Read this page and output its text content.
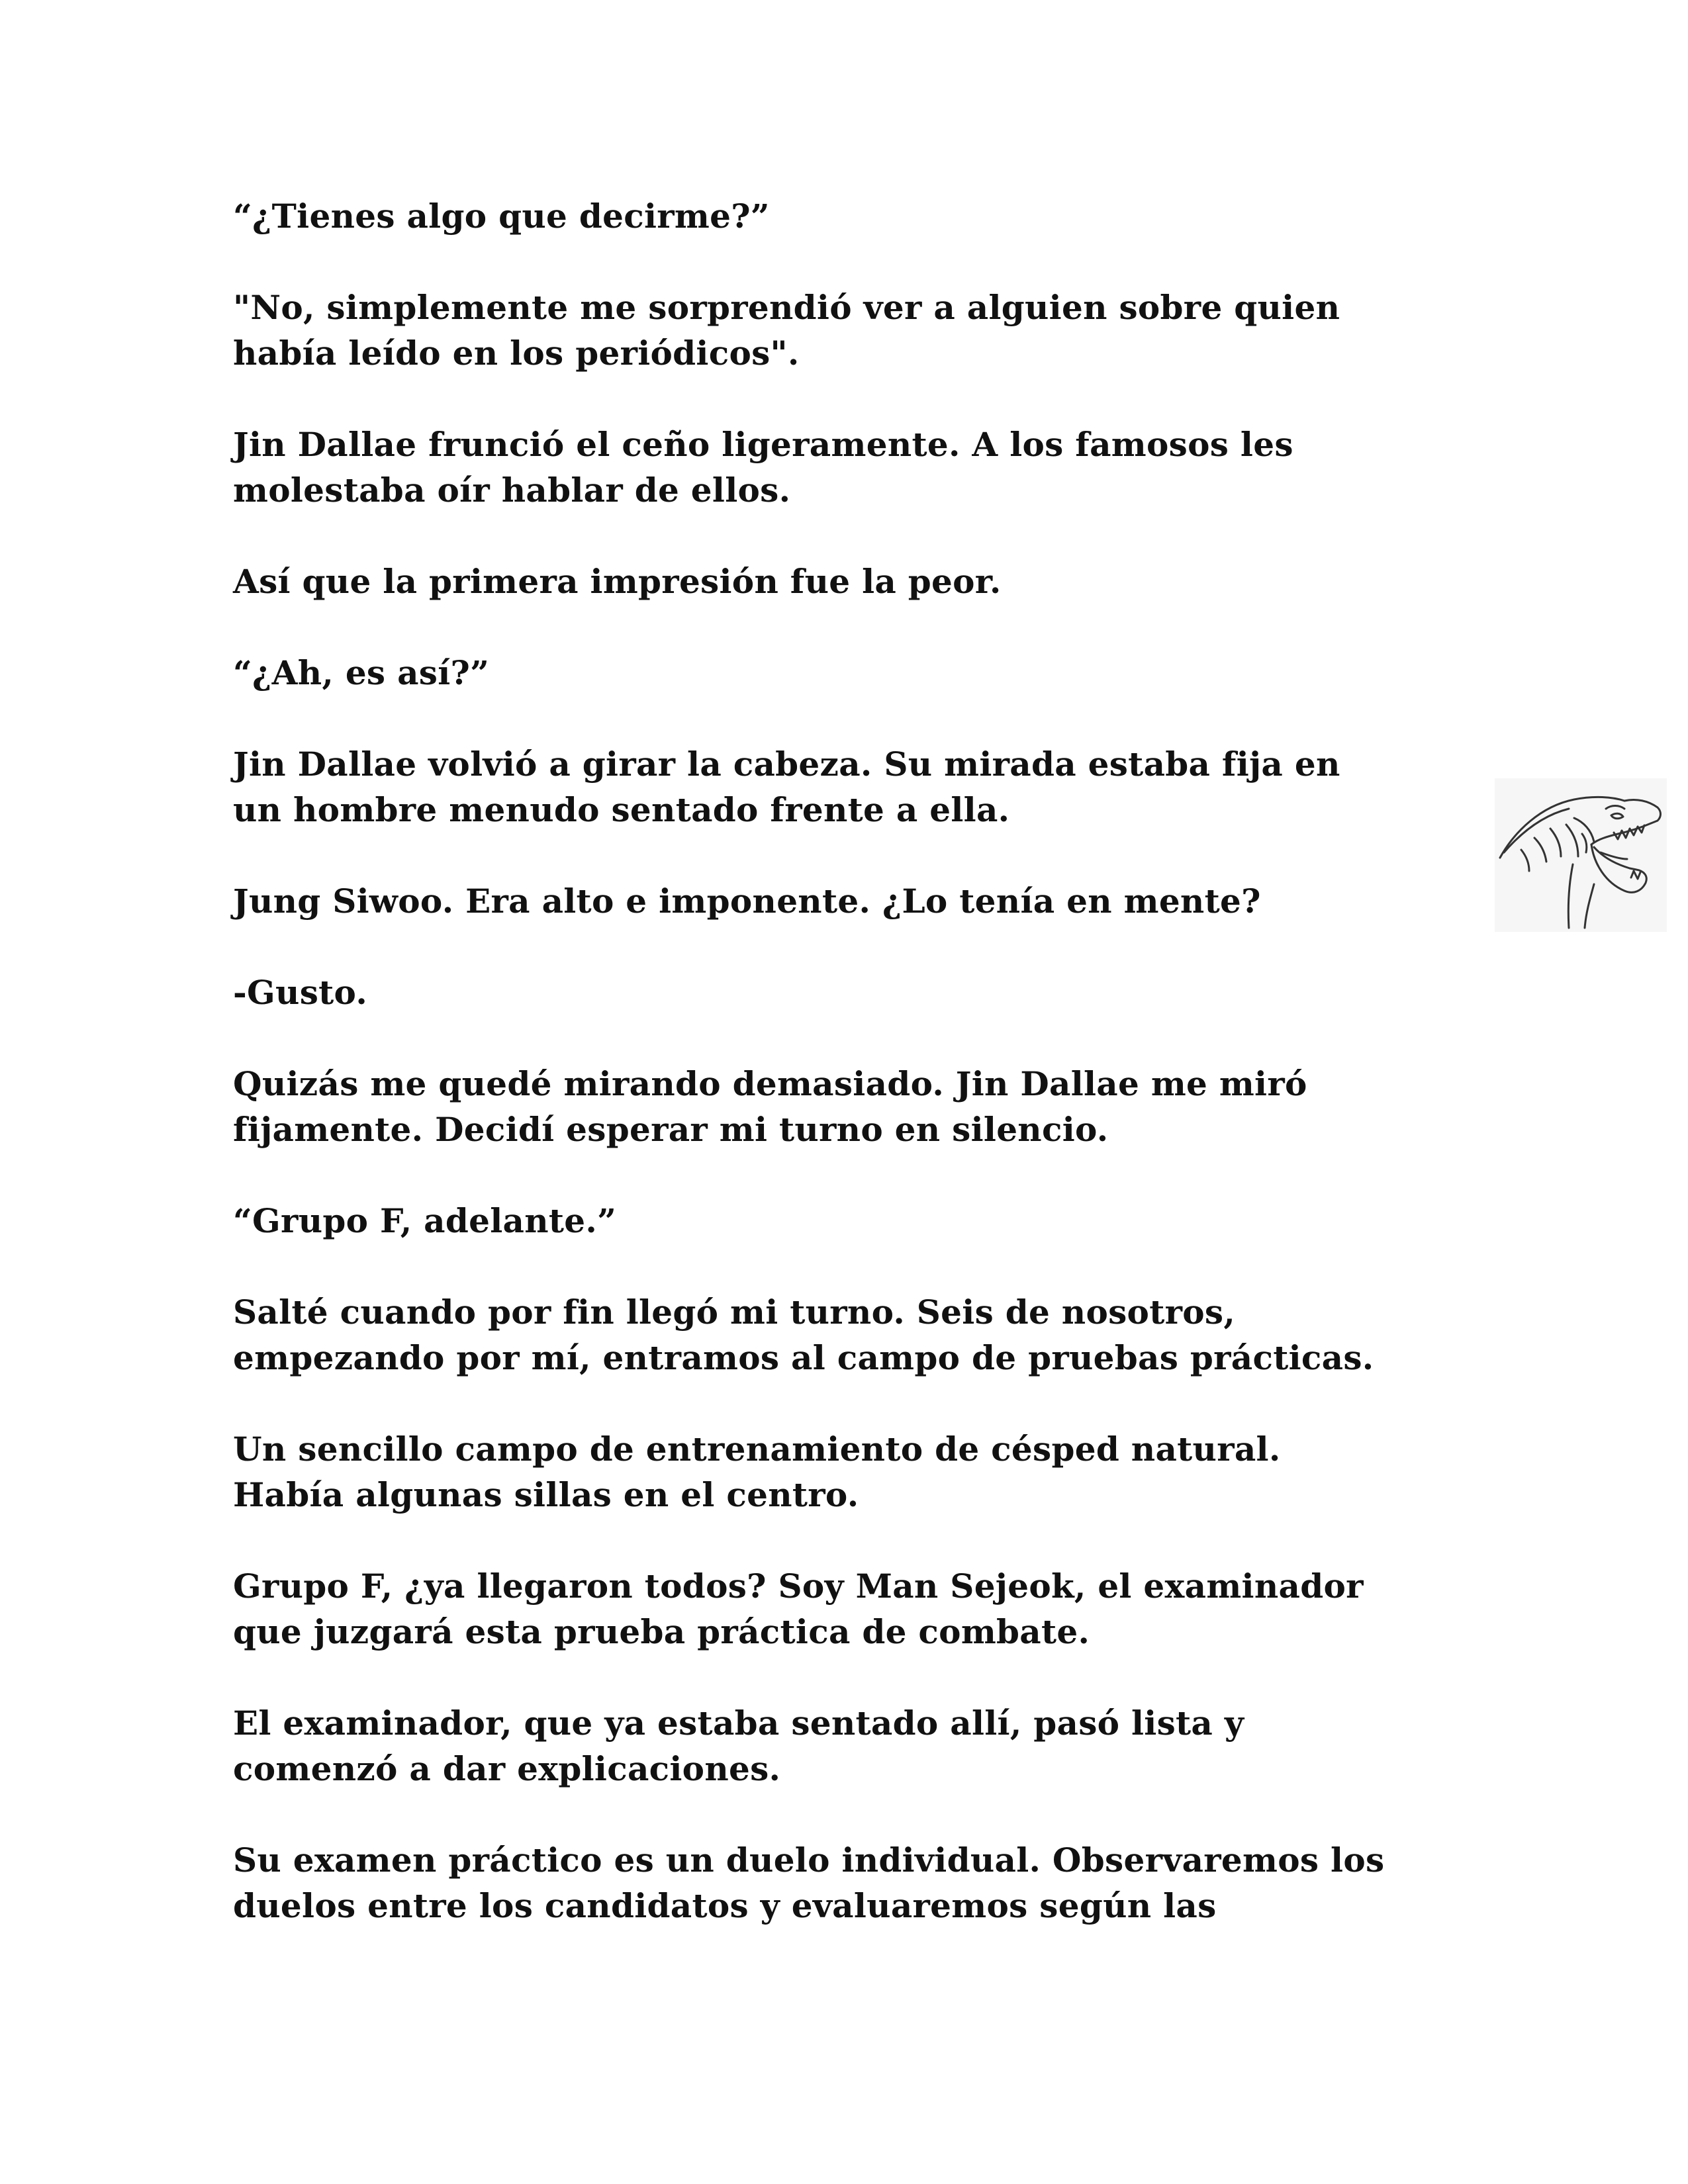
“¿Tienes algo que decirme?”

"No, simplemente me sorprendió ver a alguien sobre quien
había leído en los periódicos".

Jin Dallae frunció el ceño ligeramente. A los famosos les
molestaba oír hablar de ellos.

Así que la primera impresión fue la peor.

“¿Ah, es así?”

Jin Dallae volvió a girar la cabeza. Su mirada estaba fija en
un hombre menudo sentado frente a ella.

Jung Siwoo. Era alto e imponente. ¿Lo tenía en mente?

-Gusto.

Quizás me quedé mirando demasiado. Jin Dallae me miró
fijamente. Decidí esperar mi turno en silencio.

“Grupo F, adelante.”

Salté cuando por fin llegó mi turno. Seis de nosotros,
empezando por mí, entramos al campo de pruebas prácticas.

Un sencillo campo de entrenamiento de césped natural.
Había algunas sillas en el centro.

Grupo F, ¿ya llegaron todos? Soy Man Sejeok, el examinador
que juzgará esta prueba práctica de combate.

El examinador, que ya estaba sentado allí, pasó lista y
comenzó a dar explicaciones.

Su examen práctico es un duelo individual. Observaremos los
duelos entre los candidatos y evaluaremos según las
